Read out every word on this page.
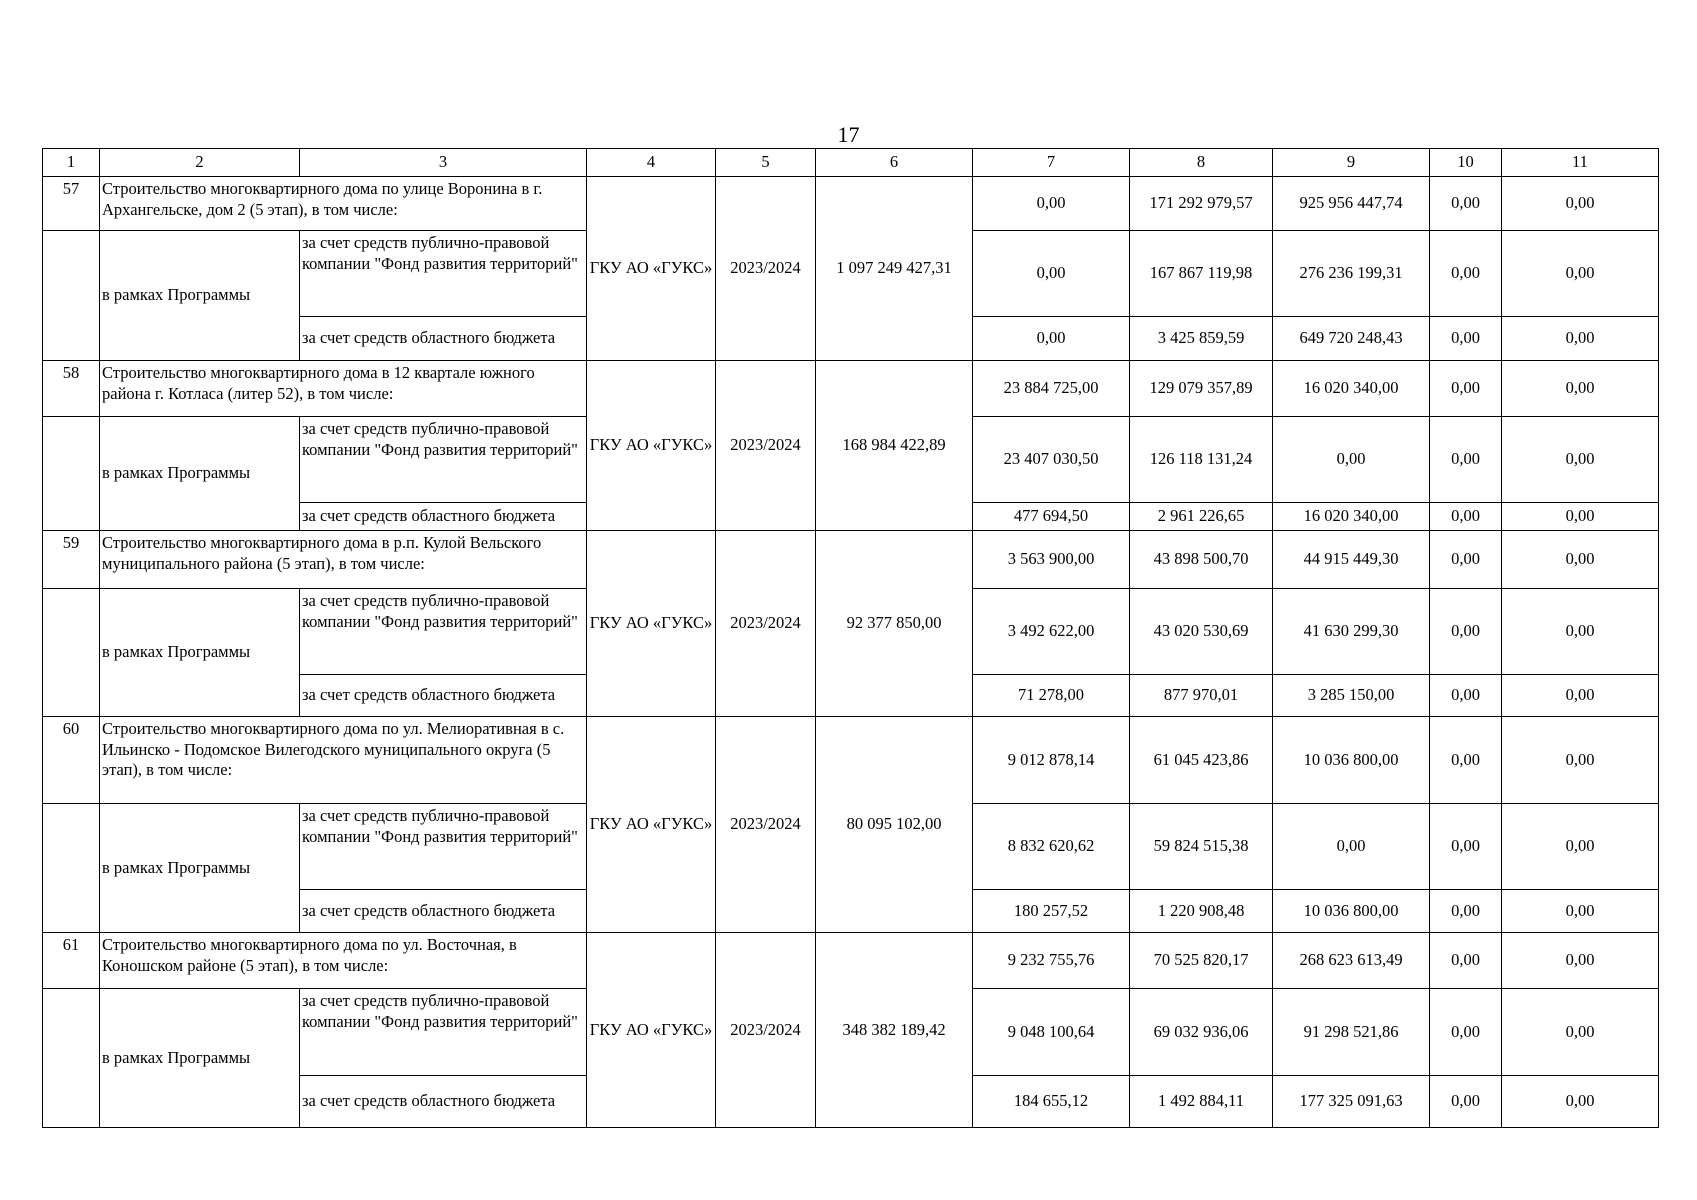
17
1	2	3	4	5	6	7	8	9	10	11
57	Строительство многоквартирного дома по улице Воронина в г. Архангельске, дом 2 (5 этап), в том числе:		ГКУ АО «ГУКС»	2023/2024	1 097 249 427,31	0,00	171 292 979,57	925 956 447,74	0,00	0,00
	в рамках Программы	за счет средств публично-правовой компании "Фонд развития территорий"				0,00	167 867 119,98	276 236 199,31	0,00	0,00
		за счет средств областного бюджета				0,00	3 425 859,59	649 720 248,43	0,00	0,00
58	Строительство многоквартирного дома в 12 квартале южного района г. Котласа (литер 52), в том числе:		ГКУ АО «ГУКС»	2023/2024	168 984 422,89	23 884 725,00	129 079 357,89	16 020 340,00	0,00	0,00
	в рамках Программы	за счет средств публично-правовой компании "Фонд развития территорий"				23 407 030,50	126 118 131,24	0,00	0,00	0,00
		за счет средств областного бюджета				477 694,50	2 961 226,65	16 020 340,00	0,00	0,00
59	Строительство многоквартирного дома в р.п. Кулой Вельского муниципального района (5 этап), в том числе:		ГКУ АО «ГУКС»	2023/2024	92 377 850,00	3 563 900,00	43 898 500,70	44 915 449,30	0,00	0,00
	в рамках Программы	за счет средств публично-правовой компании "Фонд развития территорий"				3 492 622,00	43 020 530,69	41 630 299,30	0,00	0,00
		за счет средств областного бюджета				71 278,00	877 970,01	3 285 150,00	0,00	0,00
60	Строительство многоквартирного дома по ул. Мелиоративная в с. Ильинско - Подомское Вилегодского муниципального округа (5 этап), в том числе:		ГКУ АО «ГУКС»	2023/2024	80 095 102,00	9 012 878,14	61 045 423,86	10 036 800,00	0,00	0,00
	в рамках Программы	за счет средств публично-правовой компании "Фонд развития территорий"				8 832 620,62	59 824 515,38	0,00	0,00	0,00
		за счет средств областного бюджета				180 257,52	1 220 908,48	10 036 800,00	0,00	0,00
61	Строительство многоквартирного дома по ул. Восточная, в Коношском районе (5 этап), в том числе:		ГКУ АО «ГУКС»	2023/2024	348 382 189,42	9 232 755,76	70 525 820,17	268 623 613,49	0,00	0,00
	в рамках Программы	за счет средств публично-правовой компании "Фонд развития территорий"				9 048 100,64	69 032 936,06	91 298 521,86	0,00	0,00
		за счет средств областного бюджета				184 655,12	1 492 884,11	177 325 091,63	0,00	0,00
